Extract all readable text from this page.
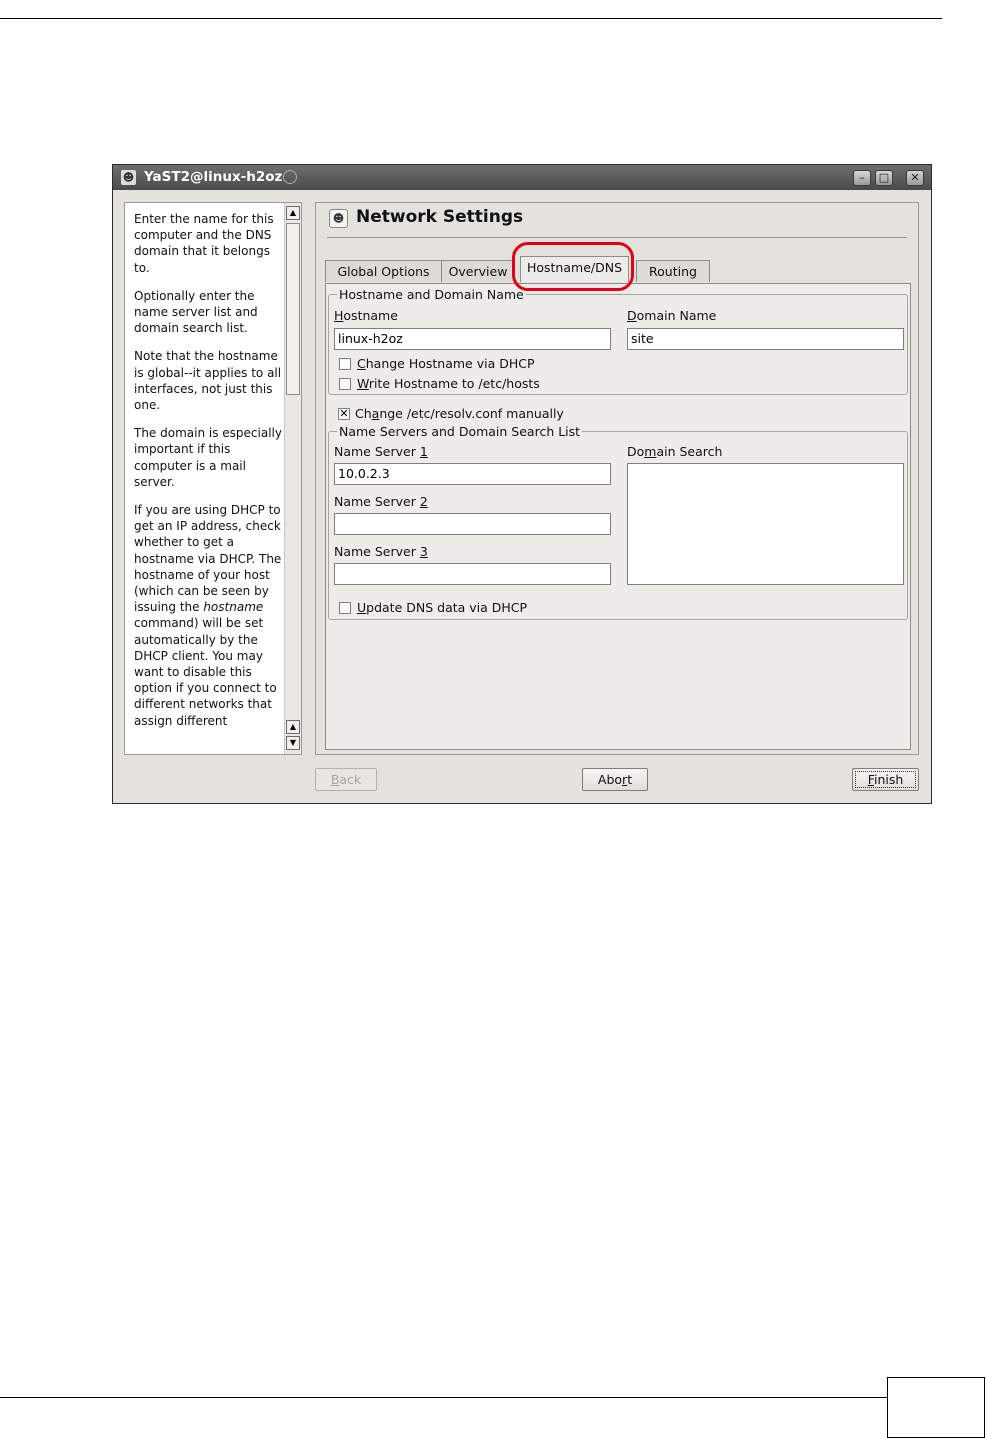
☻ YaST2@linux-h2oz	–	□	✕

Enter the name for this computer and the DNS domain that it belongs to.

Optionally enter the name server list and domain search list.

Note that the hostname is global--it applies to all interfaces, not just this one.

The domain is especially important if this computer is a mail server.

If you are using DHCP to get an IP address, check whether to get a hostname via DHCP. The hostname of your host (which can be seen by issuing the hostname command) will be set automatically by the DHCP client. You may want to disable this option if you connect to different networks that assign different

▲
▲
▼
☻ Network Settings
Global Options	Overview	Hostname/DNS	Routing
Hostname and Domain Name
Hostname
linux-h2oz
Domain Name
site
Change Hostname via DHCP
Write Hostname to /etc/hosts
✕ Change /etc/resolv.conf manually
Name Servers and Domain Search List
Name Server 1
10.0.2.3
Name Server 2
Name Server 3
Domain Search
Update DNS data via DHCP
Back	Abort	Finish
